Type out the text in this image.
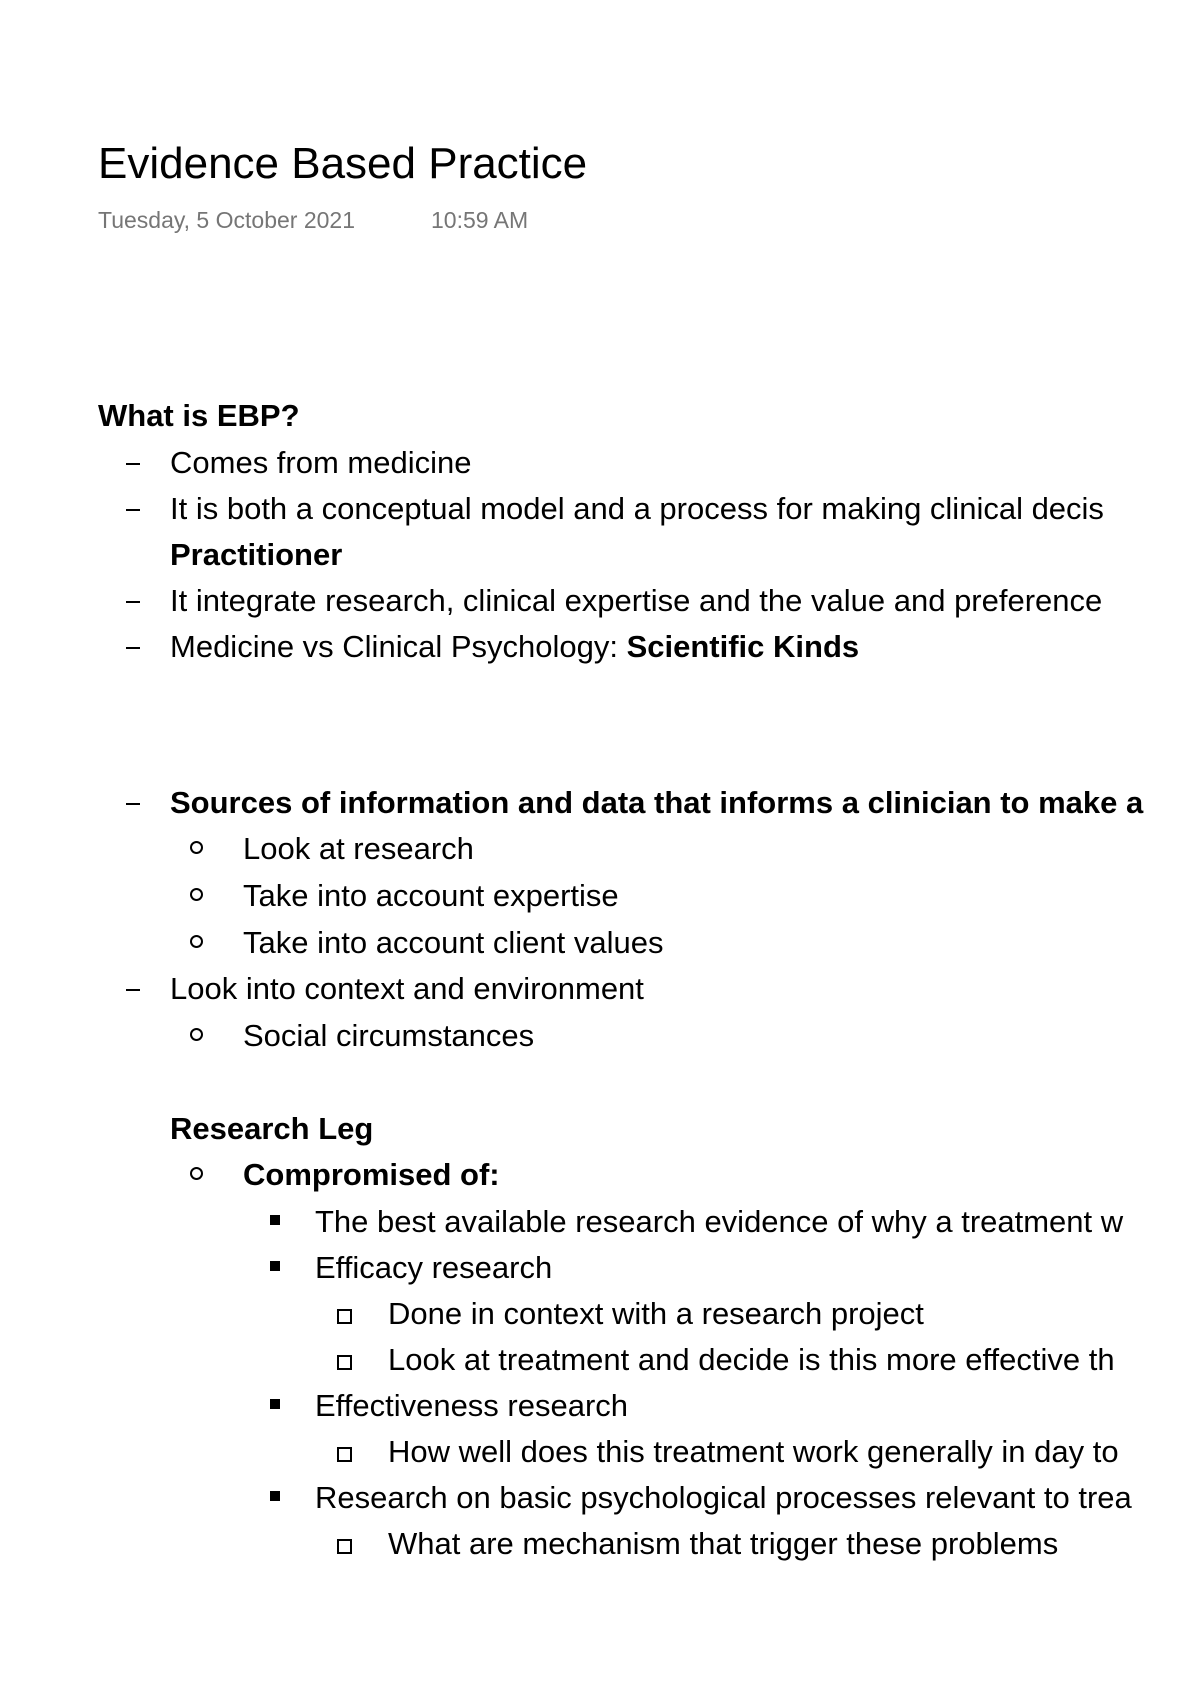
Evidence Based Practice
Tuesday, 5 October 2021	10:59 AM
What is EBP?
Comes from medicine
It is both a conceptual model and a process for making clinical decis
Practitioner
It integrate research, clinical expertise and the value and preference
Medicine vs Clinical Psychology: Scientific Kinds
Sources of information and data that informs a clinician to make a
Look at research
Take into account expertise
Take into account client values
Look into context and environment
Social circumstances
Research Leg
Compromised of:
The best available research evidence of why a treatment w
Efficacy research
Done in context with a research project
Look at treatment and decide is this more effective th
Effectiveness research
How well does this treatment work generally in day to
Research on basic psychological processes relevant to trea
What are mechanism that trigger these problems
